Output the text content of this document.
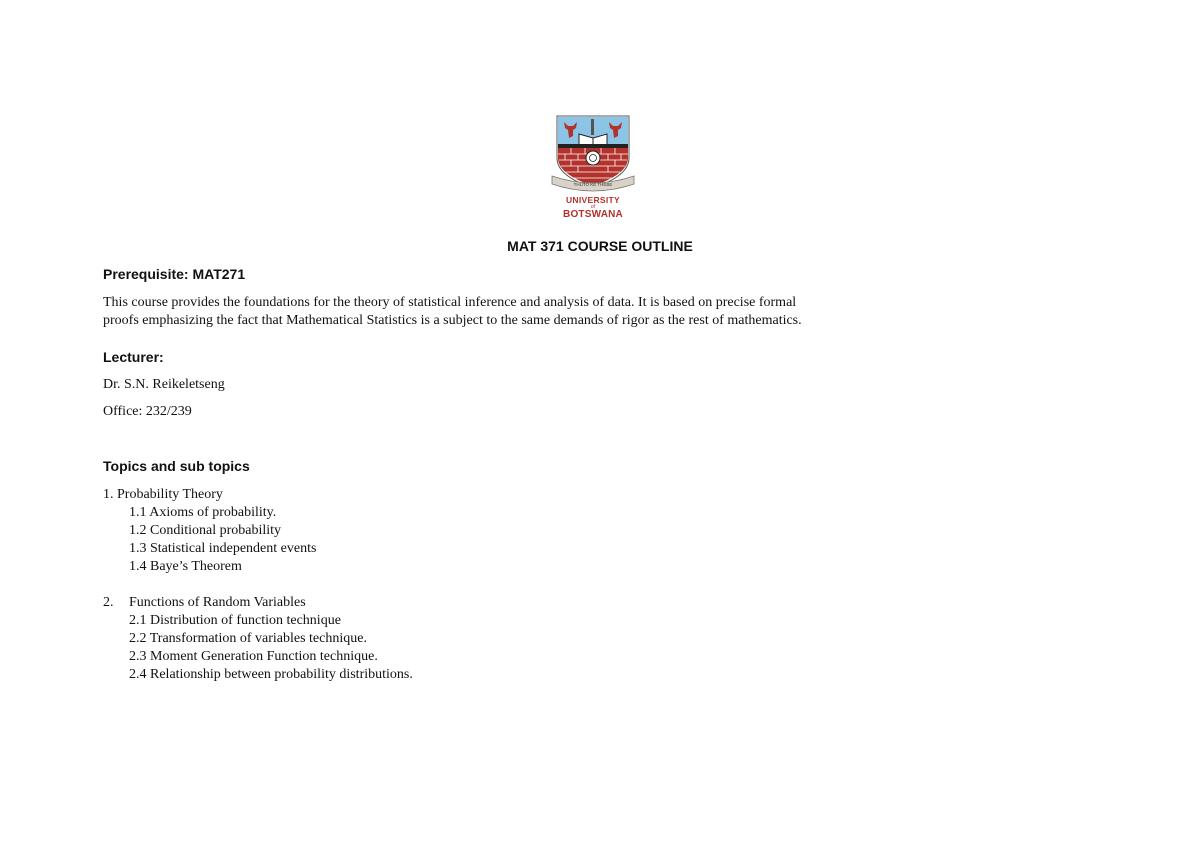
THUTO KE THEBE
UNIVERSITY
of
BOTSWANA
MAT 371 COURSE OUTLINE
Prerequisite: MAT271

This course provides the foundations for the theory of statistical inference and analysis of data. It is based on precise formal

proofs emphasizing the fact that Mathematical Statistics is a subject to the same demands of rigor as the rest of mathematics.

Lecturer:

Dr. S.N. Reikeletseng

Office: 232/239

Topics and sub topics
1. Probability Theory
1.1 Axioms of probability.
1.2 Conditional probability
1.3 Statistical independent events
1.4 Baye’s Theorem
2. Functions of Random Variables
2.1 Distribution of function technique
2.2 Transformation of variables technique.
2.3 Moment Generation Function technique.
2.4 Relationship between probability distributions.
